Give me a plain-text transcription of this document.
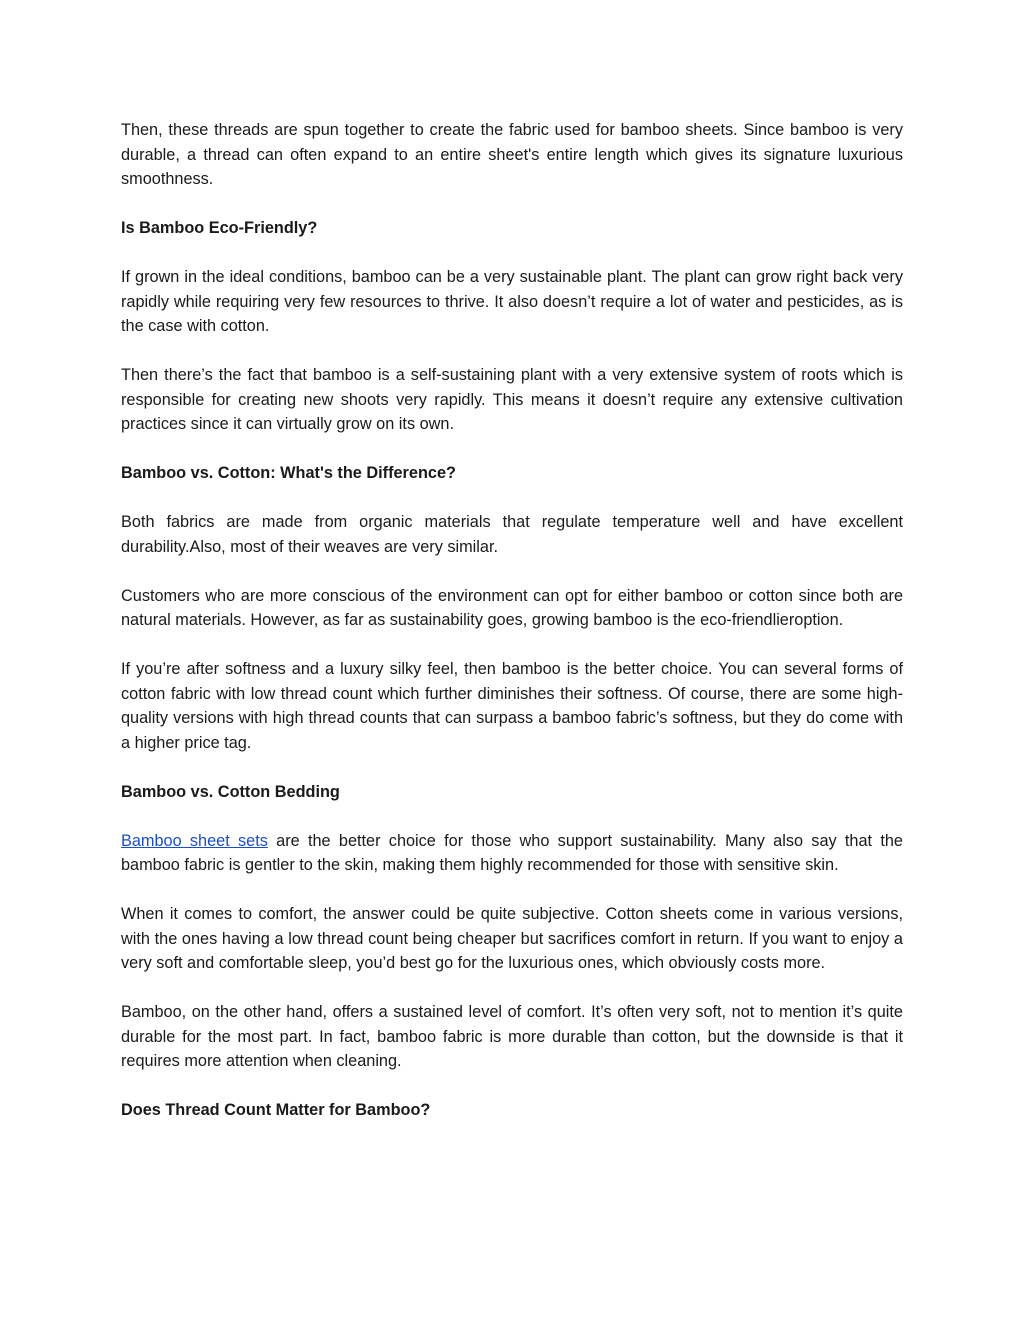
Then, these threads are spun together to create the fabric used for bamboo sheets. Since bamboo is very durable, a thread can often expand to an entire sheet's entire length which gives its signature luxurious smoothness.

Is Bamboo Eco-Friendly?

If grown in the ideal conditions, bamboo can be a very sustainable plant. The plant can grow right back very rapidly while requiring very few resources to thrive. It also doesn’t require a lot of water and pesticides, as is the case with cotton.

Then there’s the fact that bamboo is a self-sustaining plant with a very extensive system of roots which is responsible for creating new shoots very rapidly. This means it doesn’t require any extensive cultivation practices since it can virtually grow on its own.

Bamboo vs. Cotton: What's the Difference?

Both fabrics are made from organic materials that regulate temperature well and have excellent durability.Also, most of their weaves are very similar.

Customers who are more conscious of the environment can opt for either bamboo or cotton since both are natural materials. However, as far as sustainability goes, growing bamboo is the eco-friendlieroption.

If you’re after softness and a luxury silky feel, then bamboo is the better choice. You can several forms of cotton fabric with low thread count which further diminishes their softness. Of course, there are some high-quality versions with high thread counts that can surpass a bamboo fabric’s softness, but they do come with a higher price tag.

Bamboo vs. Cotton Bedding

Bamboo sheet sets are the better choice for those who support sustainability. Many also say that the bamboo fabric is gentler to the skin, making them highly recommended for those with sensitive skin.

When it comes to comfort, the answer could be quite subjective. Cotton sheets come in various versions, with the ones having a low thread count being cheaper but sacrifices comfort in return. If you want to enjoy a very soft and comfortable sleep, you’d best go for the luxurious ones, which obviously costs more.

Bamboo, on the other hand, offers a sustained level of comfort. It’s often very soft, not to mention it’s quite durable for the most part. In fact, bamboo fabric is more durable than cotton, but the downside is that it requires more attention when cleaning.

Does Thread Count Matter for Bamboo?
